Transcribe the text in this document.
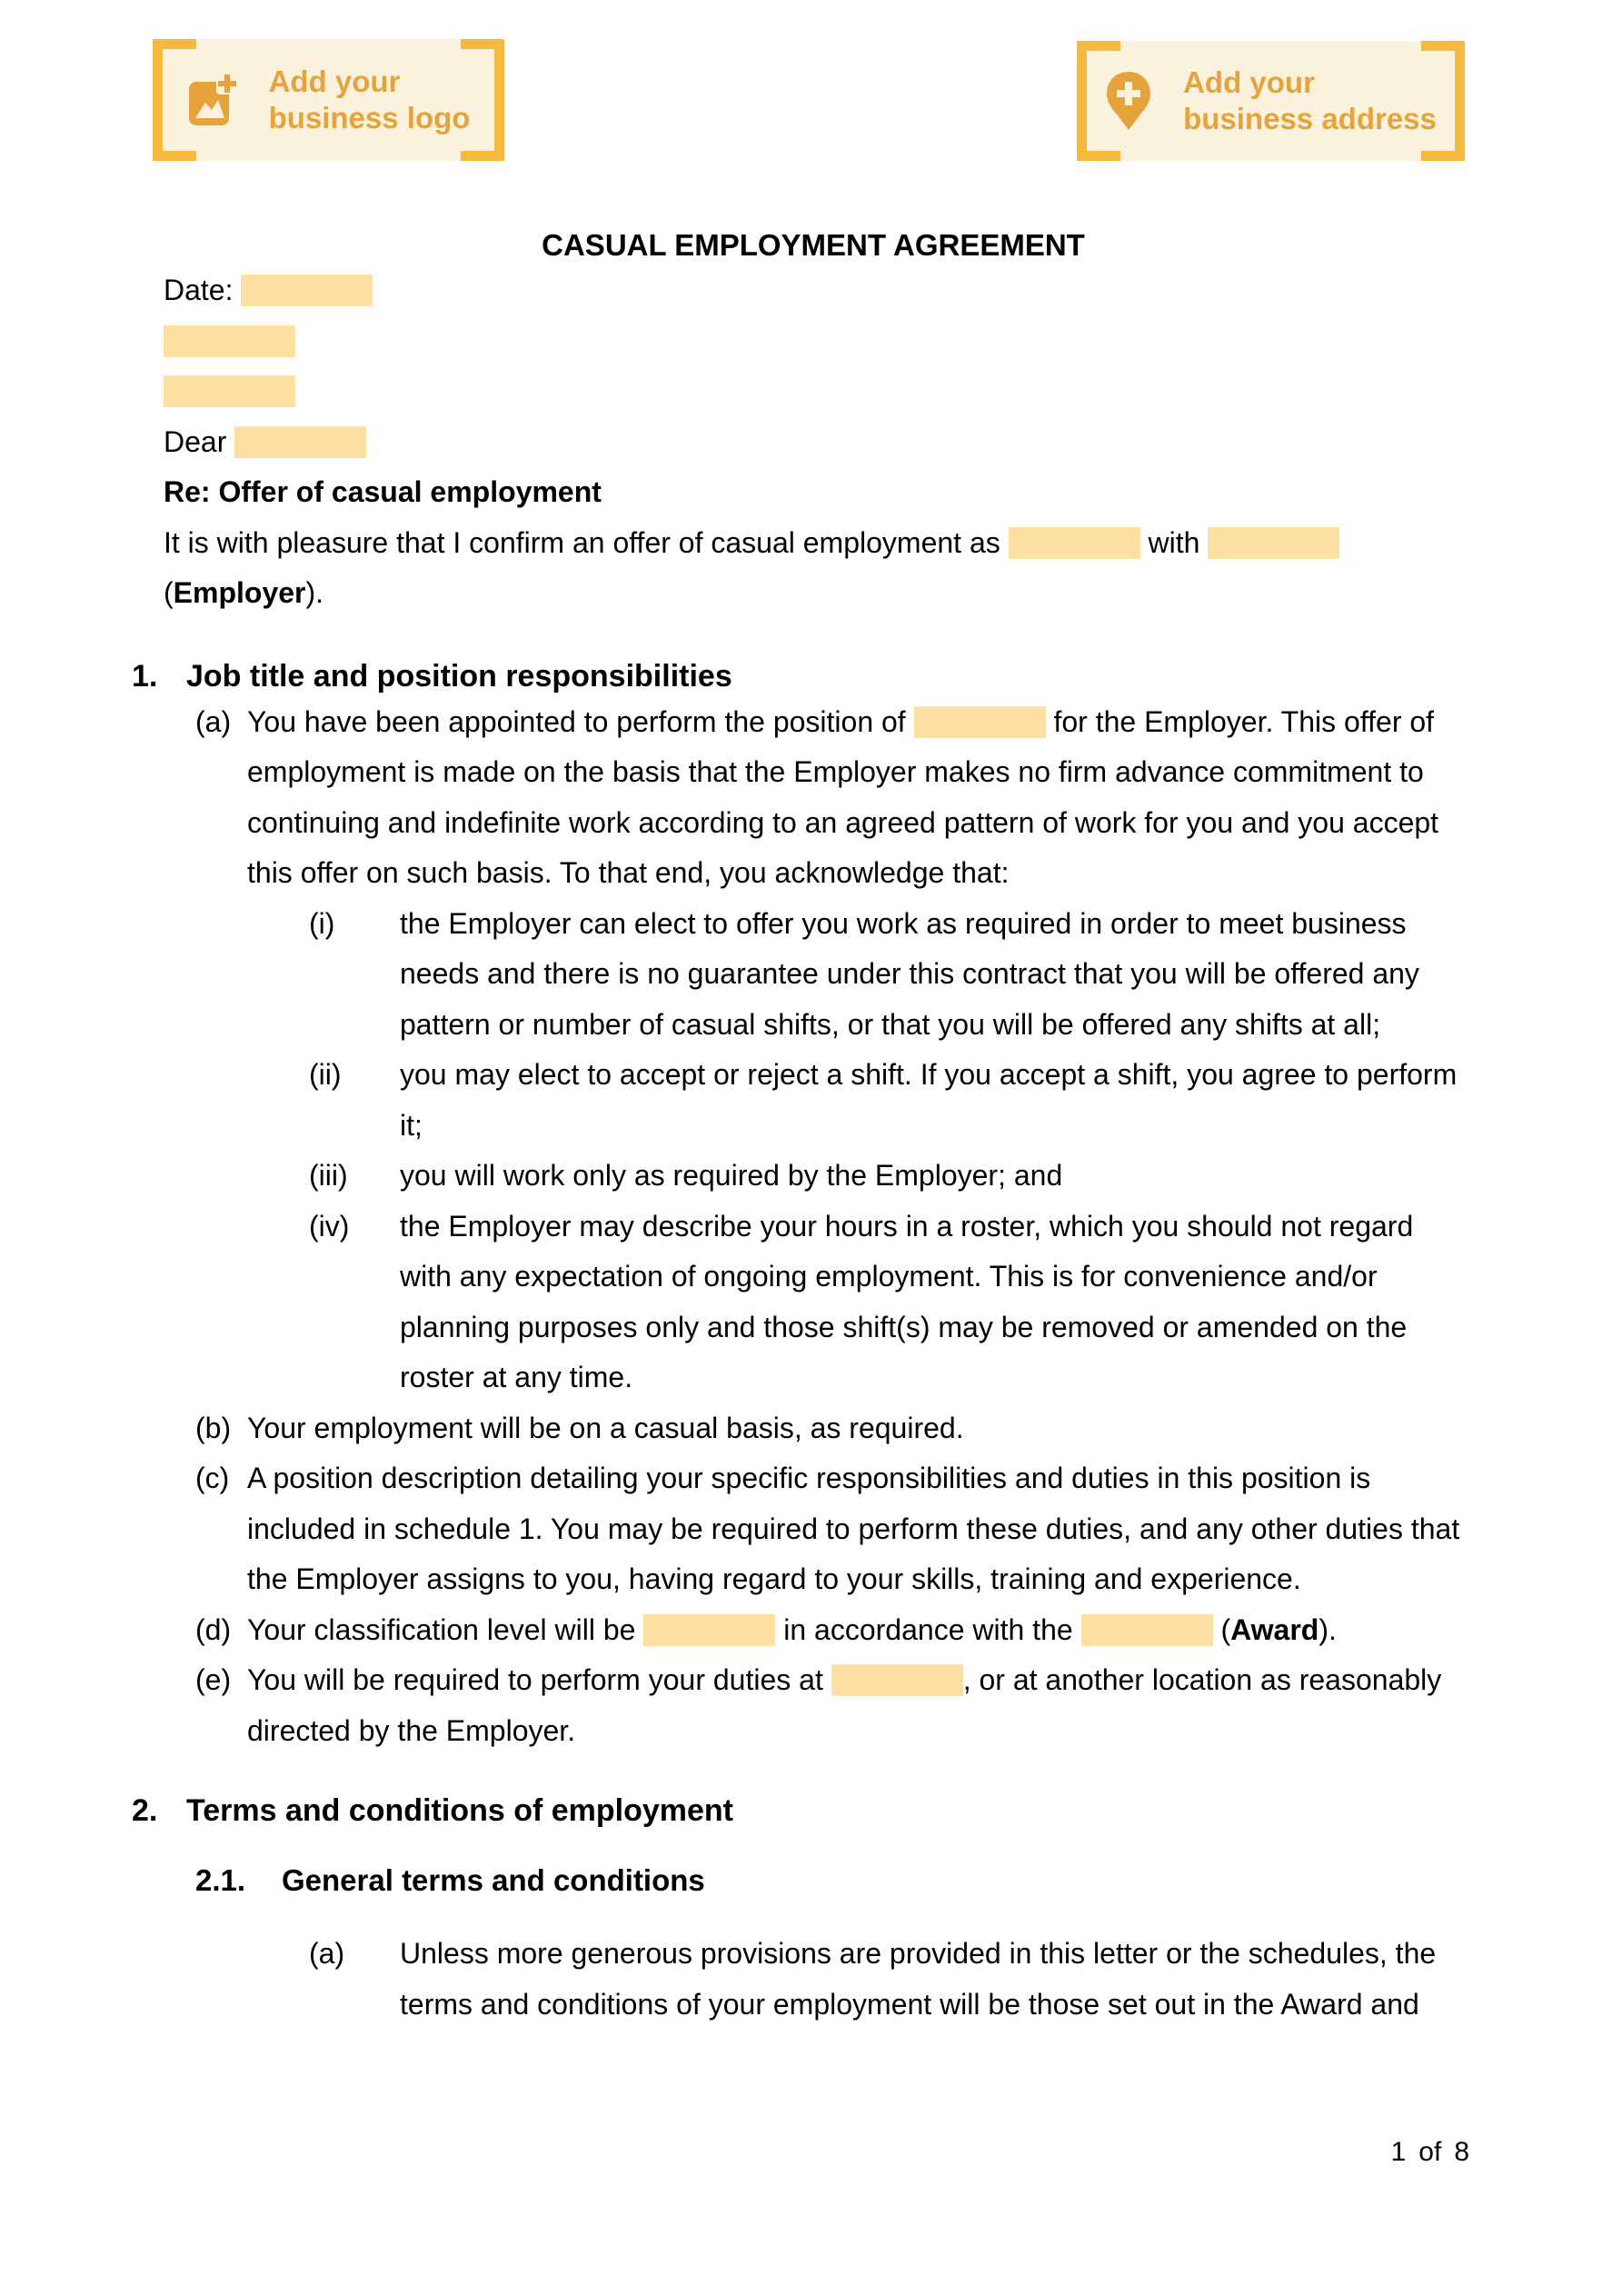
Add your
business logo
Add your
business address

CASUAL EMPLOYMENT AGREEMENT

Date:

Dear

Re: Offer of casual employment

It is with pleasure that I confirm an offer of casual employment as	with  (Employer).

1. Job title and position responsibilities
(a) You have been appointed to perform the position of	for the Employer. This offer of employment is made on the basis that the Employer makes no firm advance commitment to continuing and indefinite work according to an agreed pattern of work for you and you accept this offer on such basis. To that end, you acknowledge that:
(i) the Employer can elect to offer you work as required in order to meet business needs and there is no guarantee under this contract that you will be offered any pattern or number of casual shifts, or that you will be offered any shifts at all;
(ii) you may elect to accept or reject a shift. If you accept a shift, you agree to perform it;
(iii) you will work only as required by the Employer; and
(iv) the Employer may describe your hours in a roster, which you should not regard with any expectation of ongoing employment. This is for convenience and/or planning purposes only and those shift(s) may be removed or amended on the roster at any time.
(b) Your employment will be on a casual basis, as required.
(c) A position description detailing your specific responsibilities and duties in this position is included in schedule 1. You may be required to perform these duties, and any other duties that the Employer assigns to you, having regard to your skills, training and experience.
(d) Your classification level will be	in accordance with the	(Award).
(e) You will be required to perform your duties at	, or at another location as reasonably directed by the Employer.
2. Terms and conditions of employment
2.1. General terms and conditions
(a) Unless more generous provisions are provided in this letter or the schedules, the terms and conditions of your employment will be those set out in the Award and
1 of 8
